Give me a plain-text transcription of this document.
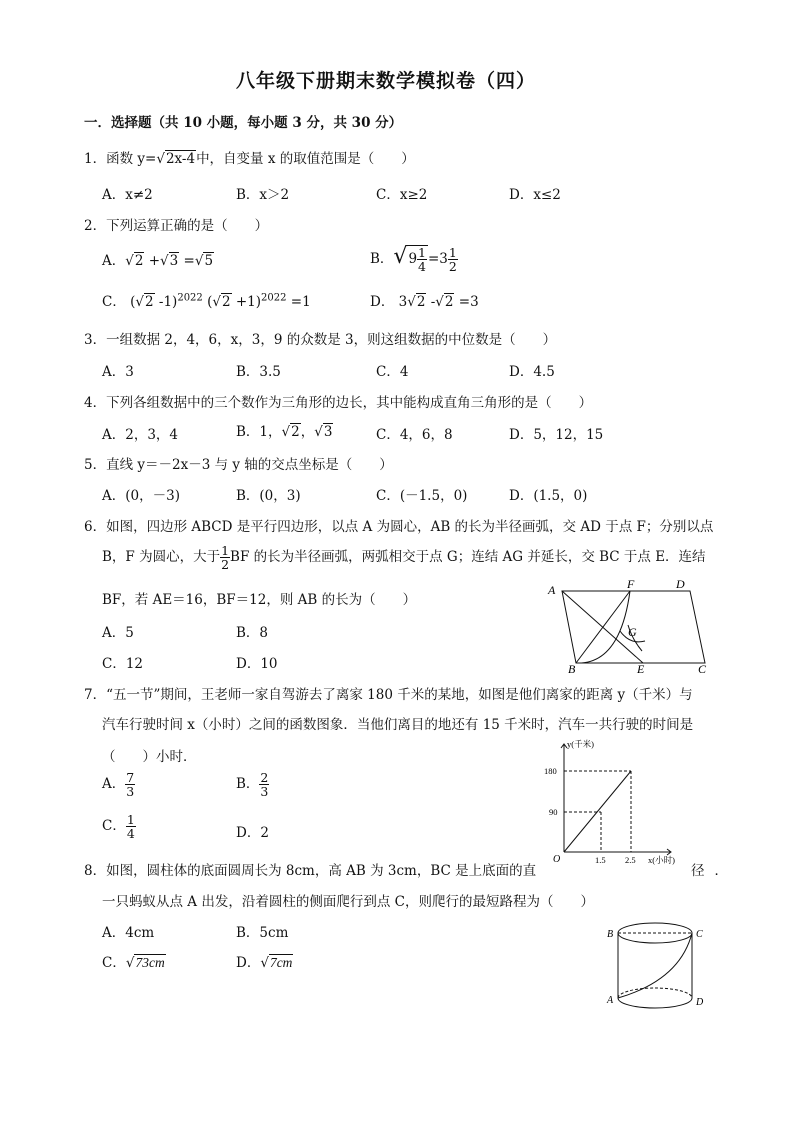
八年级下册期末数学模拟卷（四）
一．选择题（共 10 小题，每小题 3 分，共 30 分）
1．函数 y=√2x-4中，自变量 x 的取值范围是（　　）
A．x≠2	B．x＞2	C．x≥2	D．x≤2
2．下列运算正确的是（　　）
A．√2 +√3 =√5	B．$√9 \frac{1}{4} =3 \frac{1}{2}$
C． (√2 -1)$^{2022}$ $(√2 +1)^{2022} =1$	D． 3√2 -√2 =3
3．一组数据 2，4，6，x，3，9 的众数是 3，则这组数据的中位数是（　　）
A．3	B．3.5	C．4	D．4.5
4．下列各组数据中的三个数作为三角形的边长，其中能构成直角三角形的是（　　）
A．2，3，4	B．1，√2，√3	C．4，6，8	D．5，12，15
5．直线 y＝－2x－3 与 y 轴的交点坐标是（　　）
A．(0，－3)	B．(0，3)	C．(－1.5，0)	D．(1.5，0)
6．如图，四边形 ABCD 是平行四边形，以点 A 为圆心，AB 的长为半径画弧，交 AD 于点 F；分别以点
B，F 为圆心，大于 $\frac{1}{2}$ BF 的长为半径画弧，两弧相交于点 G；连结 AG 并延长，交 BC 于点 E．连结
BF，若 AE＝16，BF＝12，则 AB 的长为（　　）
A．5	B．8
C．12	D．10
A	F	D
G
B	E	C
7．“五一节”期间，王老师一家自驾游去了离家 180 千米的某地，如图是他们离家的距离 y（千米）与
汽车行驶时间 x（小时）之间的函数图象．当他们离目的地还有 15 千米时，汽车一共行驶的时间是
（　　）小时．
A． $\frac{7}{3}$	B． $\frac{2}{3}$
C． $\frac{1}{4}$	D．2
y(千米)
x(小时)
O
180
90
1.5 2.5
8．如图，圆柱体的底面圆周长为 8cm，高 AB 为 3cm，BC 是上底面的直	径．
一只蚂蚁从点 A 出发，沿着圆柱的侧面爬行到点 C，则爬行的最短路程为（　　）
A．4cm	B．5cm
C．√73cm	D．√7cm
B	C
A	D
